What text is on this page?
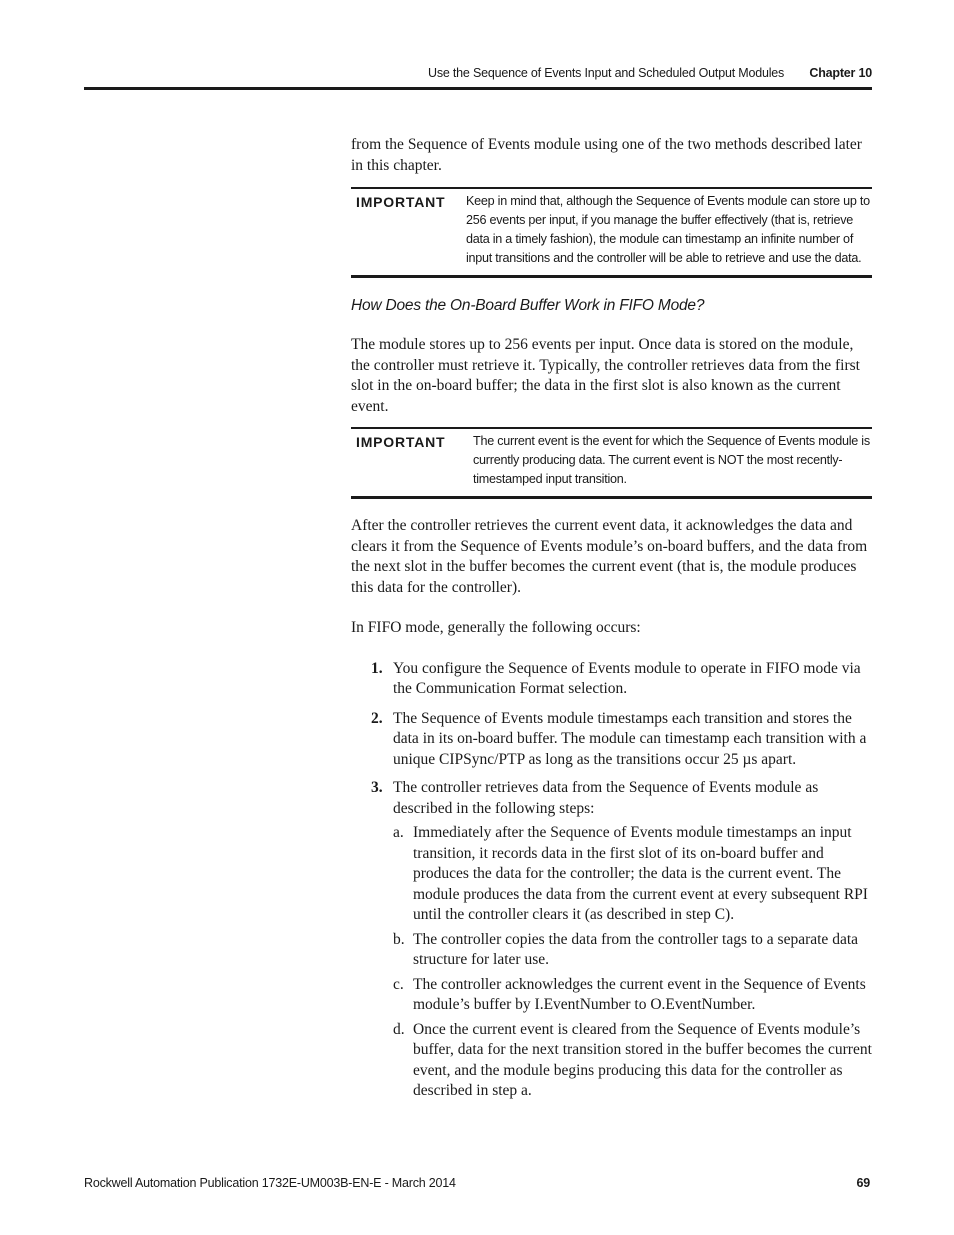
Use the Sequence of Events Input and Scheduled Output Modules Chapter 10

from the Sequence of Events module using one of the two methods described later in this chapter.

IMPORTANT	Keep in mind that, although the Sequence of Events module can store up to 256 events per input, if you manage the buffer effectively (that is, retrieve data in a timely fashion), the module can timestamp an infinite number of input transitions and the controller will be able to retrieve and use the data.

How Does the On-Board Buffer Work in FIFO Mode?

The module stores up to 256 events per input. Once data is stored on the module, the controller must retrieve it. Typically, the controller retrieves data from the first slot in the on-board buffer; the data in the first slot is also known as the current event.

IMPORTANT	The current event is the event for which the Sequence of Events module is currently producing data. The current event is NOT the most recently-timestamped input transition.

After the controller retrieves the current event data, it acknowledges the data and clears it from the Sequence of Events module’s on-board buffers, and the data from the next slot in the buffer becomes the current event (that is, the module produces this data for the controller).

In FIFO mode, generally the following occurs:

1. You configure the Sequence of Events module to operate in FIFO mode via the Communication Format selection.
2. The Sequence of Events module timestamps each transition and stores the data in its on-board buffer. The module can timestamp each transition with a unique CIPSync/PTP as long as the transitions occur 25 µs apart.
3. The controller retrieves data from the Sequence of Events module as described in the following steps:
a. Immediately after the Sequence of Events module timestamps an input transition, it records data in the first slot of its on-board buffer and produces the data for the controller; the data is the current event. The module produces the data from the current event at every subsequent RPI until the controller clears it (as described in step C).
b. The controller copies the data from the controller tags to a separate data structure for later use.
c. The controller acknowledges the current event in the Sequence of Events module’s buffer by I.EventNumber to O.EventNumber.
d. Once the current event is cleared from the Sequence of Events module’s buffer, data for the next transition stored in the buffer becomes the current event, and the module begins producing this data for the controller as described in step a.
Rockwell Automation Publication 1732E-UM003B-EN-E - March 2014	69
